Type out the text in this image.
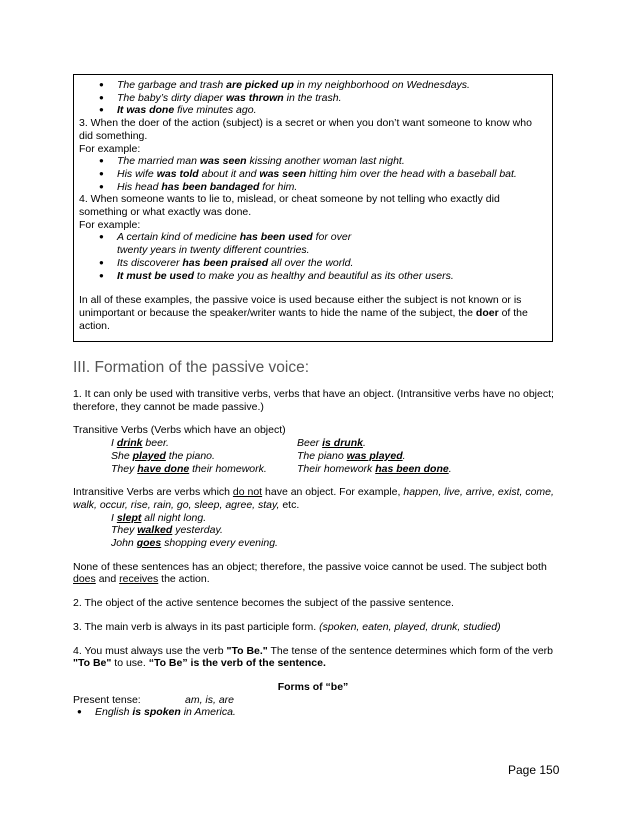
● The garbage and trash are picked up in my neighborhood on Wednesdays.
● The baby’s dirty diaper was thrown in the trash.
● It was done five minutes ago.
3. When the doer of the action (subject) is a secret or when you don’t want someone to know who did something.
For example:
● The married man was seen kissing another woman last night.
● His wife was told about it and was seen hitting him over the head with a baseball bat.
● His head has been bandaged for him.
4. When someone wants to lie to, mislead, or cheat someone by not telling who exactly did something or what exactly was done.
For example:
● A certain kind of medicine has been used for over twenty years in twenty different countries.
● Its discoverer has been praised all over the world.
● It must be used to make you as healthy and beautiful as its other users.
In all of these examples, the passive voice is used because either the subject is not known or is unimportant or because the speaker/writer wants to hide the name of the subject, the doer of the action.
III. Formation of the passive voice:

1. It can only be used with transitive verbs, verbs that have an object. (Intransitive verbs have no object; therefore, they cannot be made passive.)

Transitive Verbs (Verbs which have an object)

I drink beer.	Beer is drunk.
She played the piano.	The piano was played.
They have done their homework.	Their homework has been done.

Intransitive Verbs are verbs which do not have an object. For example, happen, live, arrive, exist, come, walk, occur, rise, rain, go, sleep, agree, stay, etc.

I slept all night long.
They walked yesterday.
John goes shopping every evening.

None of these sentences has an object; therefore, the passive voice cannot be used. The subject both does and receives the action.

2. The object of the active sentence becomes the subject of the passive sentence.

3. The main verb is always in its past participle form. (spoken, eaten, played, drunk, studied)

4. You must always use the verb "To Be." The tense of the sentence determines which form of the verb "To Be" to use. “To Be” is the verb of the sentence.

Forms of “be”
Present tense:	am, is, are
● English is spoken in America.
Page 150
